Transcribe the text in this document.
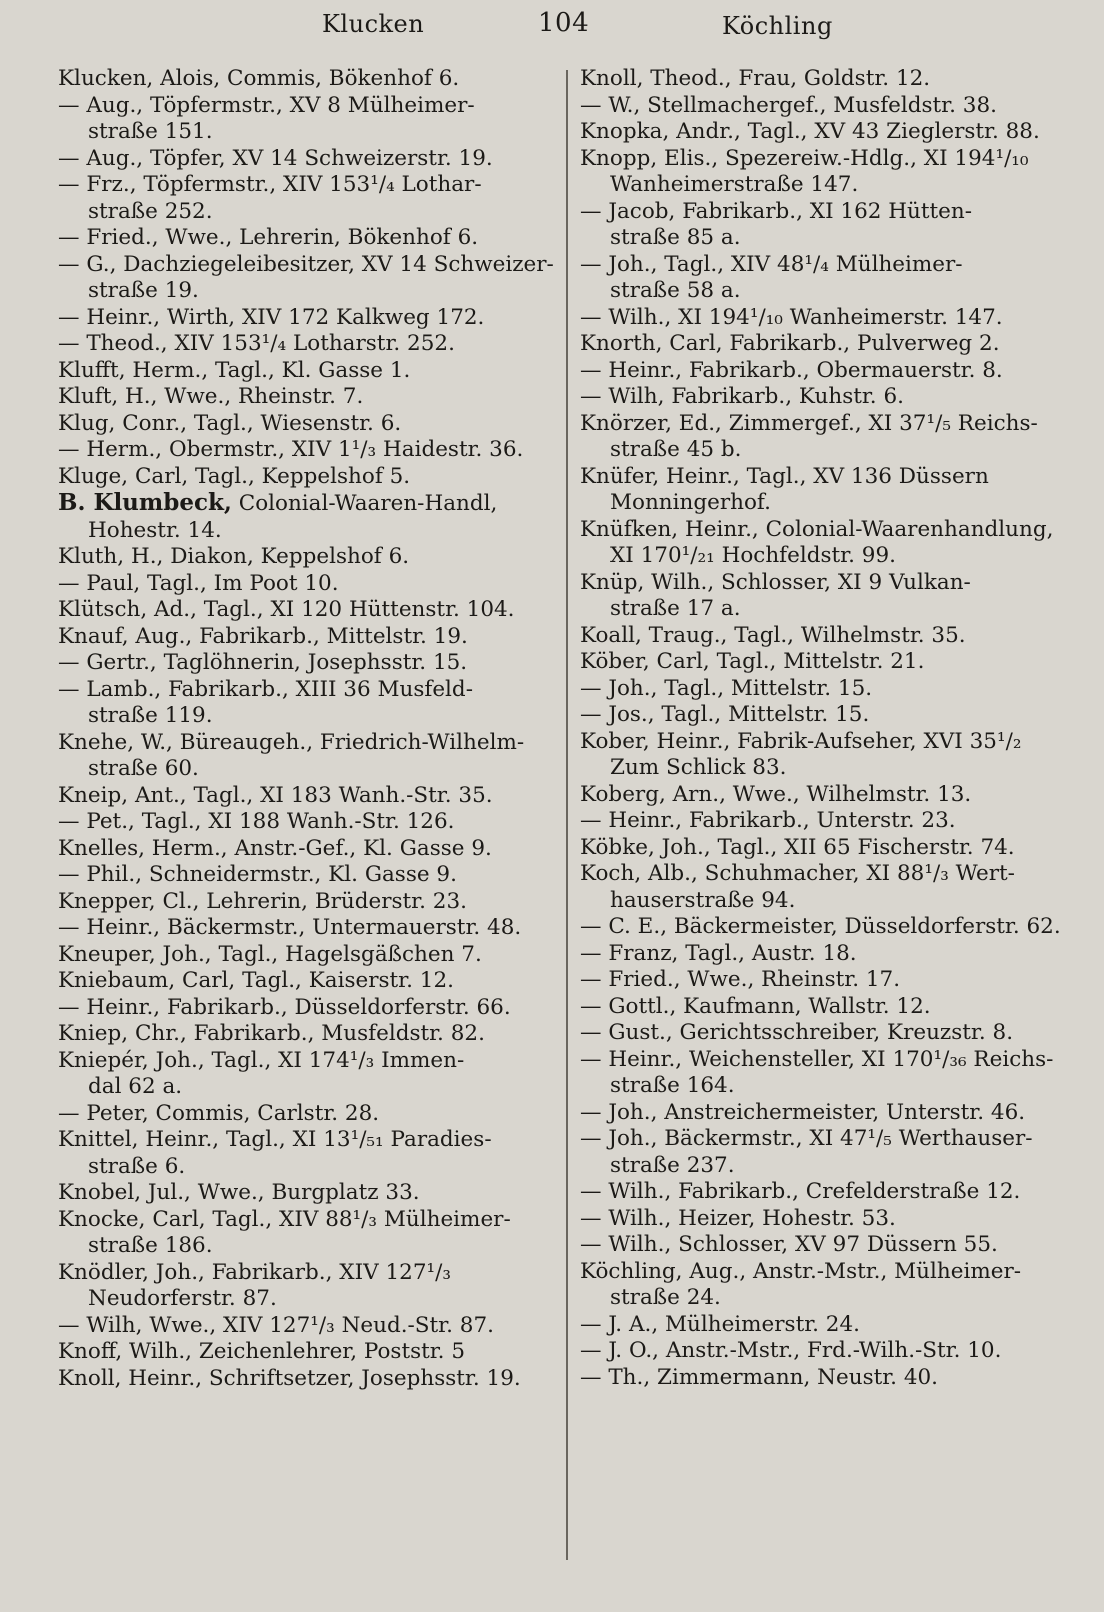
Klucken	104	Köchling
Klucken, Alois, Commis, Bökenhof 6.
— Aug., Töpfermstr., XV 8 Mülheimer-
straße 151.
— Aug., Töpfer, XV 14 Schweizerstr. 19.
— Frz., Töpfermstr., XIV 153¹/₄ Lothar-
straße 252.
— Fried., Wwe., Lehrerin, Bökenhof 6.
— G., Dachziegeleibesitzer, XV 14 Schweizer-
straße 19.
— Heinr., Wirth, XIV 172 Kalkweg 172.
— Theod., XIV 153¹/₄ Lotharstr. 252.
Klufft, Herm., Tagl., Kl. Gasse 1.
Kluft, H., Wwe., Rheinstr. 7.
Klug, Conr., Tagl., Wiesenstr. 6.
— Herm., Obermstr., XIV 1¹/₃ Haidestr. 36.
Kluge, Carl, Tagl., Keppelshof 5.
B. Klumbeck, Colonial-Waaren-Handl,
Hohestr. 14.
Kluth, H., Diakon, Keppelshof 6.
— Paul, Tagl., Im Poot 10.
Klütsch, Ad., Tagl., XI 120 Hüttenstr. 104.
Knauf, Aug., Fabrikarb., Mittelstr. 19.
— Gertr., Taglöhnerin, Josephsstr. 15.
— Lamb., Fabrikarb., XIII 36 Musfeld-
straße 119.
Knehe, W., Büreaugeh., Friedrich-Wilhelm-
straße 60.
Kneip, Ant., Tagl., XI 183 Wanh.-Str. 35.
— Pet., Tagl., XI 188 Wanh.-Str. 126.
Knelles, Herm., Anstr.-Gef., Kl. Gasse 9.
— Phil., Schneidermstr., Kl. Gasse 9.
Knepper, Cl., Lehrerin, Brüderstr. 23.
— Heinr., Bäckermstr., Untermauerstr. 48.
Kneuper, Joh., Tagl., Hagelsgäßchen 7.
Kniebaum, Carl, Tagl., Kaiserstr. 12.
— Heinr., Fabrikarb., Düsseldorferstr. 66.
Kniep, Chr., Fabrikarb., Musfeldstr. 82.
Kniepér, Joh., Tagl., XI 174¹/₃ Immen-
dal 62 a.
— Peter, Commis, Carlstr. 28.
Knittel, Heinr., Tagl., XI 13¹/₅₁ Paradies-
straße 6.
Knobel, Jul., Wwe., Burgplatz 33.
Knocke, Carl, Tagl., XIV 88¹/₃ Mülheimer-
straße 186.
Knödler, Joh., Fabrikarb., XIV 127¹/₃
Neudorferstr. 87.
— Wilh, Wwe., XIV 127¹/₃ Neud.-Str. 87.
Knoff, Wilh., Zeichenlehrer, Poststr. 5
Knoll, Heinr., Schriftsetzer, Josephsstr. 19.
Knoll, Theod., Frau, Goldstr. 12.
— W., Stellmachergef., Musfeldstr. 38.
Knopka, Andr., Tagl., XV 43 Zieglerstr. 88.
Knopp, Elis., Spezereiw.-Hdlg., XI 194¹/₁₀
Wanheimerstraße 147.
— Jacob, Fabrikarb., XI 162 Hütten-
straße 85 a.
— Joh., Tagl., XIV 48¹/₄ Mülheimer-
straße 58 a.
— Wilh., XI 194¹/₁₀ Wanheimerstr. 147.
Knorth, Carl, Fabrikarb., Pulverweg 2.
— Heinr., Fabrikarb., Obermauerstr. 8.
— Wilh, Fabrikarb., Kuhstr. 6.
Knörzer, Ed., Zimmergef., XI 37¹/₅ Reichs-
straße 45 b.
Knüfer, Heinr., Tagl., XV 136 Düssern
Monningerhof.
Knüfken, Heinr., Colonial-Waarenhandlung,
XI 170¹/₂₁ Hochfeldstr. 99.
Knüp, Wilh., Schlosser, XI 9 Vulkan-
straße 17 a.
Koall, Traug., Tagl., Wilhelmstr. 35.
Köber, Carl, Tagl., Mittelstr. 21.
— Joh., Tagl., Mittelstr. 15.
— Jos., Tagl., Mittelstr. 15.
Kober, Heinr., Fabrik-Aufseher, XVI 35¹/₂
Zum Schlick 83.
Koberg, Arn., Wwe., Wilhelmstr. 13.
— Heinr., Fabrikarb., Unterstr. 23.
Köbke, Joh., Tagl., XII 65 Fischerstr. 74.
Koch, Alb., Schuhmacher, XI 88¹/₃ Wert-
hauserstraße 94.
— C. E., Bäckermeister, Düsseldorferstr. 62.
— Franz, Tagl., Austr. 18.
— Fried., Wwe., Rheinstr. 17.
— Gottl., Kaufmann, Wallstr. 12.
— Gust., Gerichtsschreiber, Kreuzstr. 8.
— Heinr., Weichensteller, XI 170¹/₃₆ Reichs-
straße 164.
— Joh., Anstreichermeister, Unterstr. 46.
— Joh., Bäckermstr., XI 47¹/₅ Werthauser-
straße 237.
— Wilh., Fabrikarb., Crefelderstraße 12.
— Wilh., Heizer, Hohestr. 53.
— Wilh., Schlosser, XV 97 Düssern 55.
Köchling, Aug., Anstr.-Mstr., Mülheimer-
straße 24.
— J. A., Mülheimerstr. 24.
— J. O., Anstr.-Mstr., Frd.-Wilh.-Str. 10.
— Th., Zimmermann, Neustr. 40.
